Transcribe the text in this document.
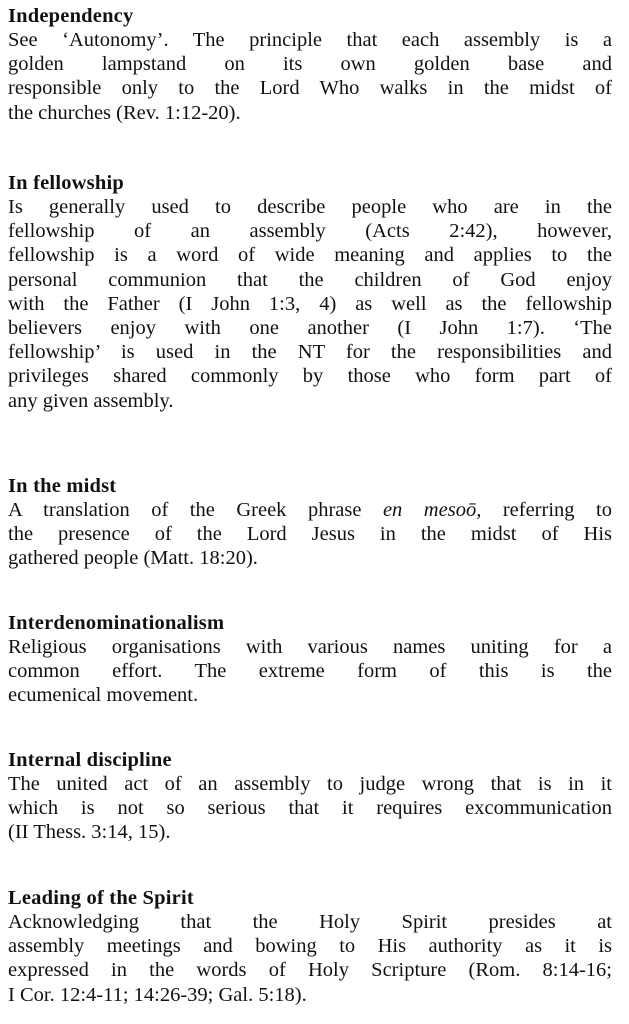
Independency

See ‘Autonomy’. The principle that each assembly is a
golden lampstand on its own golden base and
responsible only to the Lord Who walks in the midst of
the churches (Rev. 1:12-20).

In fellowship

Is generally used to describe people who are in the
fellowship of an assembly (Acts 2:42), however,
fellowship is a word of wide meaning and applies to the
personal communion that the children of God enjoy
with the Father (I John 1:3, 4) as well as the fellowship
believers enjoy with one another (I John 1:7). ‘The
fellowship’ is used in the NT for the responsibilities and
privileges shared commonly by those who form part of
any given assembly.

In the midst

A translation of the Greek phrase en mesoō, referring to
the presence of the Lord Jesus in the midst of His
gathered people (Matt. 18:20).

Interdenominationalism

Religious organisations with various names uniting for a
common effort. The extreme form of this is the
ecumenical movement.

Internal discipline

The united act of an assembly to judge wrong that is in it
which is not so serious that it requires excommunication
(II Thess. 3:14, 15).

Leading of the Spirit

Acknowledging that the Holy Spirit presides at
assembly meetings and bowing to His authority as it is
expressed in the words of Holy Scripture (Rom. 8:14-16;
I Cor. 12:4-11; 14:26-39; Gal. 5:18).
